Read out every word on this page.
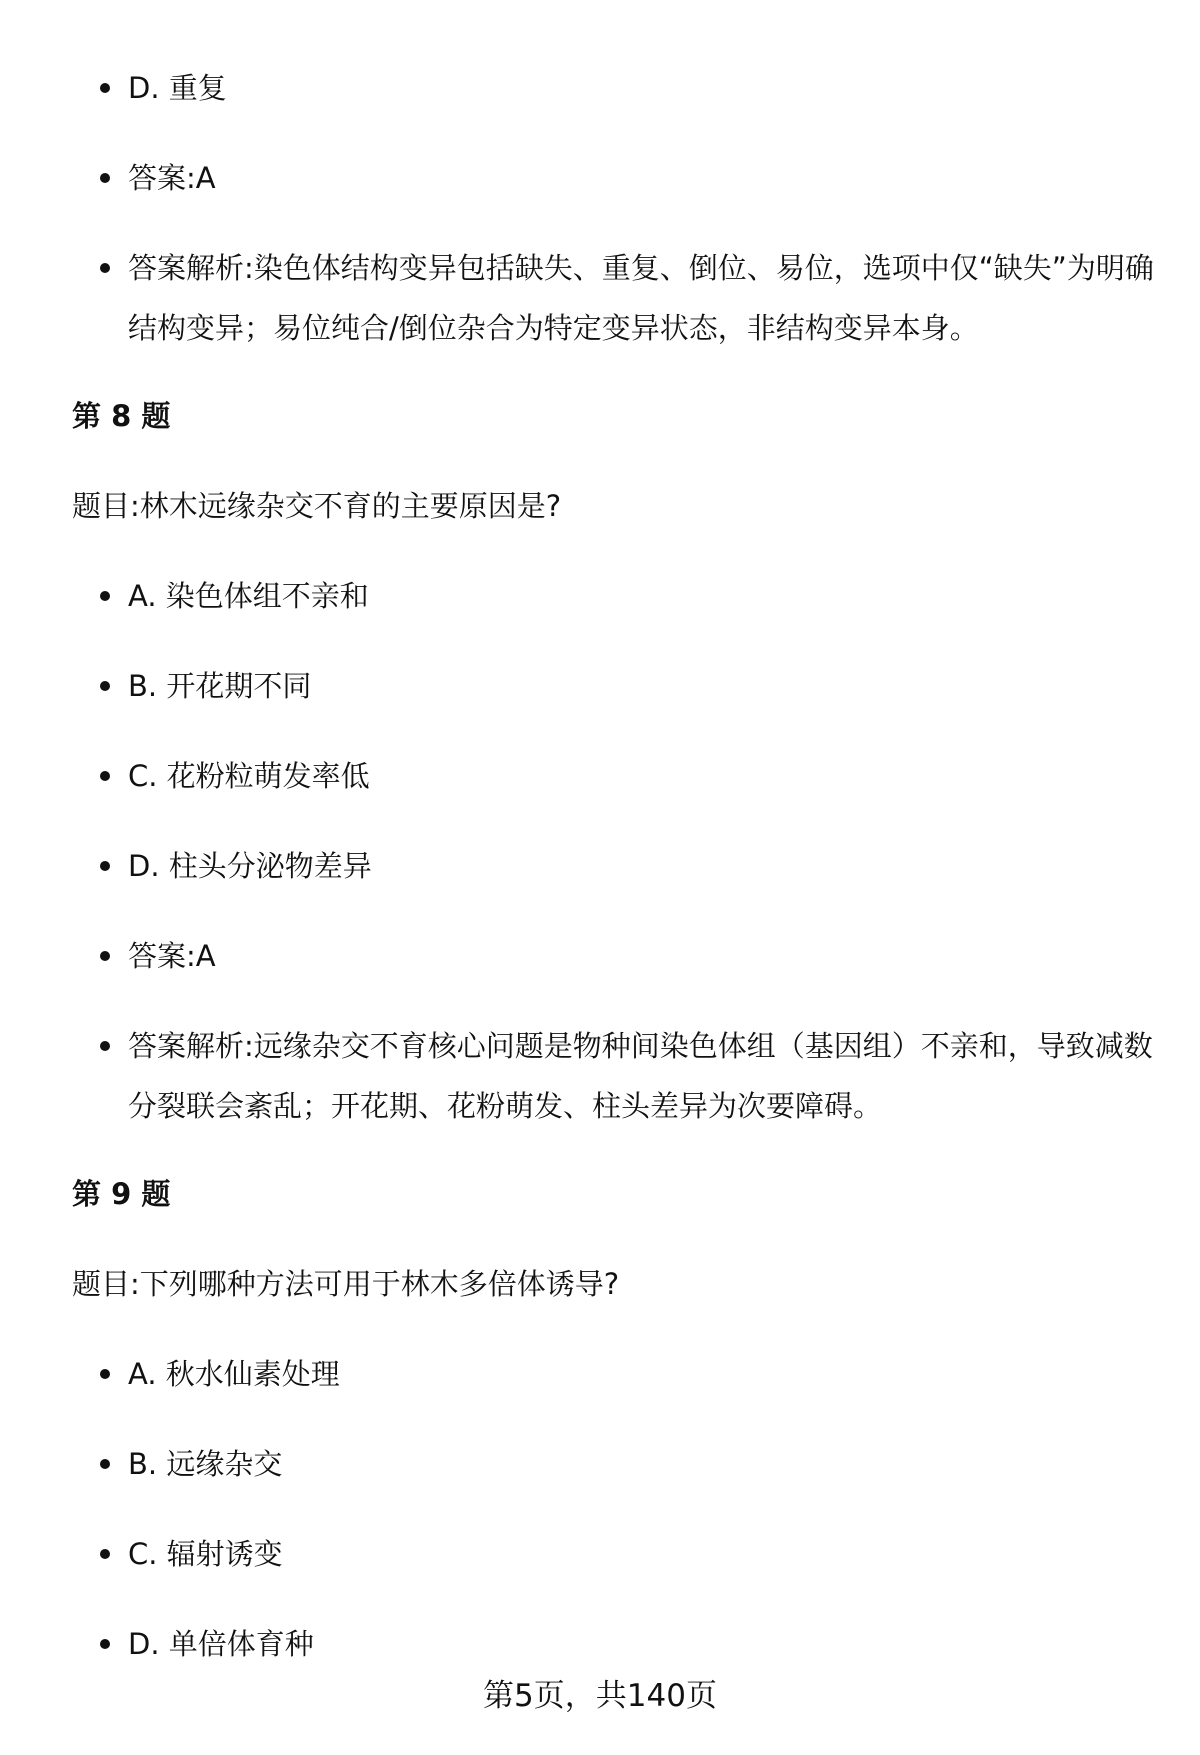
D. 重复
答案:A
答案解析:染色体结构变异包括缺失、重复、倒位、易位，选项中仅“缺失”为明确结构变异；易位纯合/倒位杂合为特定变异状态，非结构变异本身。
第 8 题
题目:林木远缘杂交不育的主要原因是?
A. 染色体组不亲和
B. 开花期不同
C. 花粉粒萌发率低
D. 柱头分泌物差异
答案:A
答案解析:远缘杂交不育核心问题是物种间染色体组（基因组）不亲和，导致减数分裂联会紊乱；开花期、花粉萌发、柱头差异为次要障碍。
第 9 题
题目:下列哪种方法可用于林木多倍体诱导?
A. 秋水仙素处理
B. 远缘杂交
C. 辐射诱变
D. 单倍体育种
第5页，共140页
